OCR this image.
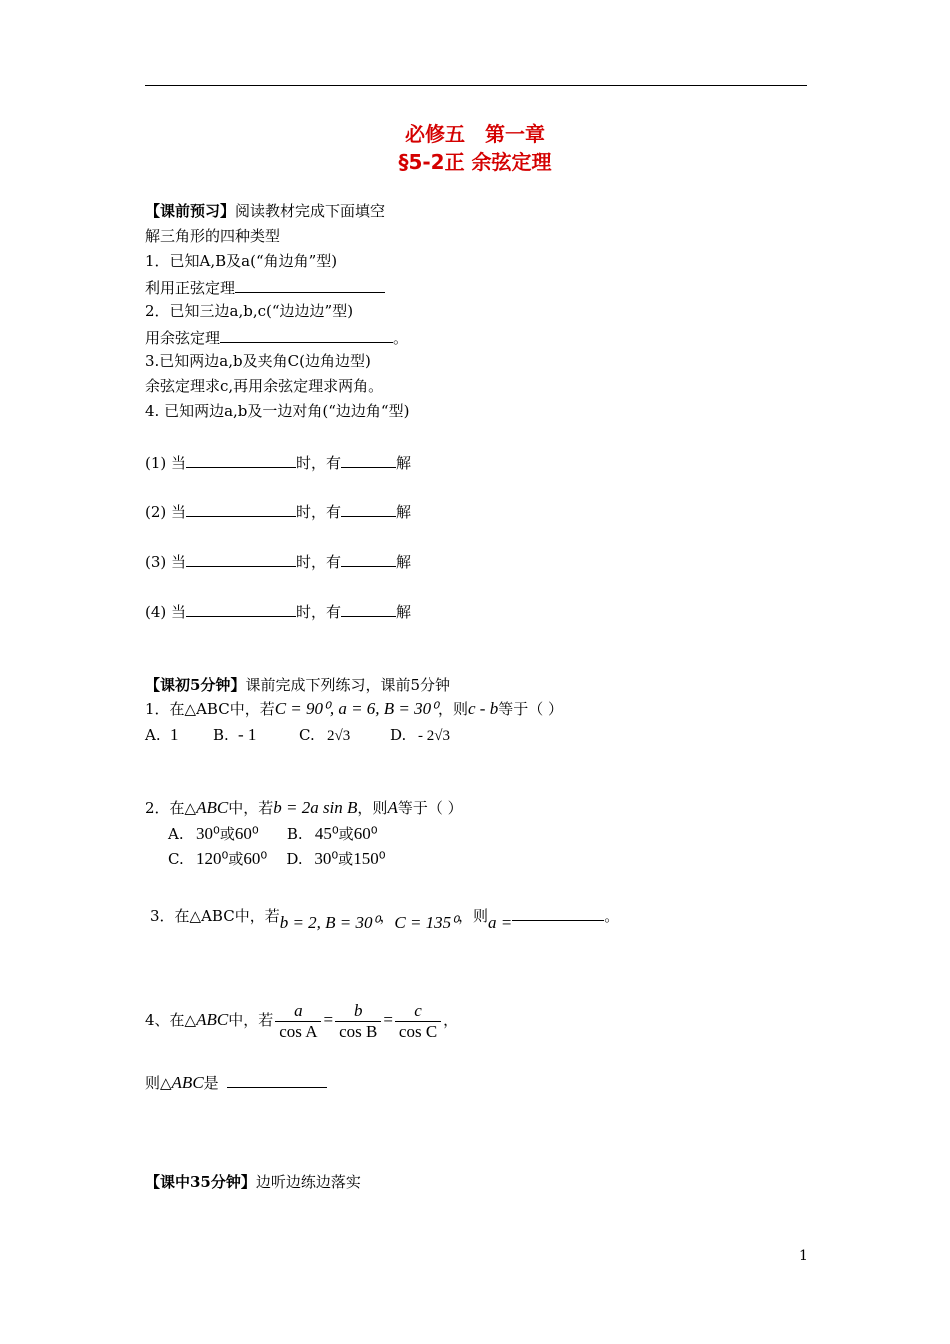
必修五　第一章
§5-2正 余弦定理
【课前预习】阅读教材完成下面填空
解三角形的四种类型
1．已知A,B及a(“角边角”型)
利用正弦定理
2．已知三边a,b,c(“边边边”型)
用余弦定理	。
3.已知两边a,b及夹角C(边角边型)
余弦定理求c,再用余弦定理求两角。
4. 已知两边a,b及一边对角(“边边角“型)
(1) 当	时，有	解
(2) 当	时，有	解
(3) 当	时，有	解
(4) 当	时，有	解
【课初5分钟】课前完成下列练习，课前5分钟
1．在△ABC中，若C = 90⁰, a = 6, B = 30⁰，则c - b等于（ ）
A. 1 B. - 1	C. 2√3	D. - 2√3
2．在△ABC中，若b = 2a sin B，则A等于（ ）
A. 30⁰或60⁰ B. 45⁰或60⁰
C. 120⁰或60⁰ D. 30⁰或150⁰
3．在△ABC中，若b = 2, B = 30⁰，C = 135⁰，则a =	。
4、在△ABC中，若 $\frac{a}{\text{cos A}} = \frac{b}{\text{cos B}} = \frac{c}{\text{cos C}}$ ，
则△ABC是
【课中35分钟】边听边练边落实
1
